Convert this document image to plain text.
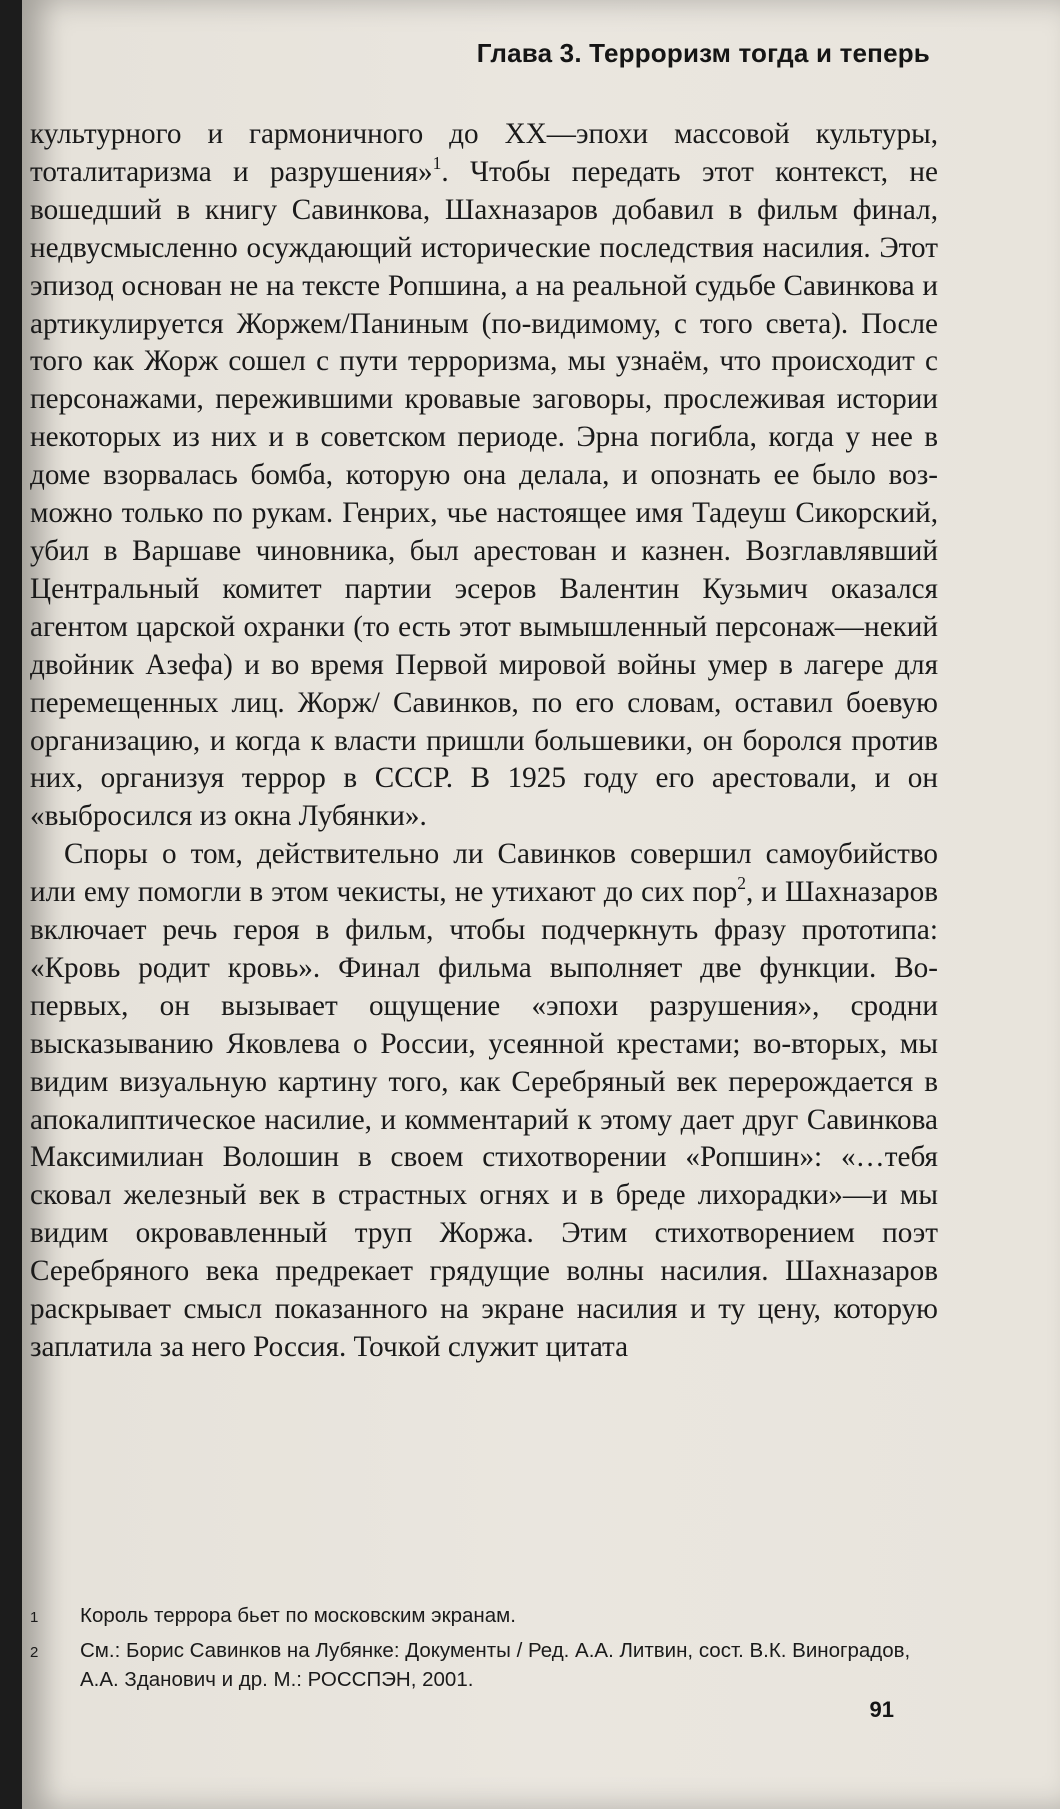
Глава 3. Терроризм тогда и теперь

культурного и гармоничного до XX—эпохи массовой культуры, тоталитаризма и разрушения»$^1$. Чтобы передать этот контекст, не вошедший в книгу Савинкова, Шахназаров добавил в фильм финал, недвусмысленно осуждающий исторические последствия насилия. Этот эпизод основан не на тексте Ропшина, а на реальной судьбе Савинкова и артикулируется Жоржем/Паниным (по-видимому, с того света). После того как Жорж сошел с пути терроризма, мы узнаём, что происходит с персонажами, пережившими кровавые заговоры, прослеживая истории некоторых из них и в советском периоде. Эрна погибла, когда у нее в доме взорвалась бомба, которую она делала, и опознать ее было возможно только по рукам. Генрих, чье настоящее имя Тадеуш Сикорский, убил в Варшаве чиновника, был арестован и казнен. Возглавлявший Центральный комитет партии эсеров Валентин Кузьмич оказался агентом царской охранки (то есть этот вымышленный персонаж—некий двойник Азефа) и во время Первой мировой войны умер в лагере для перемещенных лиц. Жорж/ Савинков, по его словам, оставил боевую организацию, и когда к власти пришли большевики, он боролся против них, организуя террор в СССР. В 1925 году его арестовали, и он «выбросился из окна Лубянки».

Споры о том, действительно ли Савинков совершил самоубийство или ему помогли в этом чекисты, не утихают до сих пор$^2$, и Шахназаров включает речь героя в фильм, чтобы подчеркнуть фразу прототипа: «Кровь родит кровь». Финал фильма выполняет две функции. Во-первых, он вызывает ощущение «эпохи разрушения», сродни высказыванию Яковлева о России, усеянной крестами; во-вторых, мы видим визуальную картину того, как Серебряный век перерождается в апокалиптическое насилие, и комментарий к этому дает друг Савинкова Максимилиан Волошин в своем стихотворении «Ропшин»: «…тебя сковал железный век в страстных огнях и в бреде лихорадки»—и мы видим окровавленный труп Жоржа. Этим стихотворением поэт Серебряного века предрекает грядущие волны насилия. Шахназаров раскрывает смысл показанного на экране насилия и ту цену, которую заплатила за него Россия. Точкой служит цитата

1	Король террора бьет по московским экранам.
2	См.: Борис Савинков на Лубянке: Документы / Ред. А.А. Литвин, сост. В.К. Виноградов, А.А. Зданович и др. М.: РОССПЭН, 2001.
91
